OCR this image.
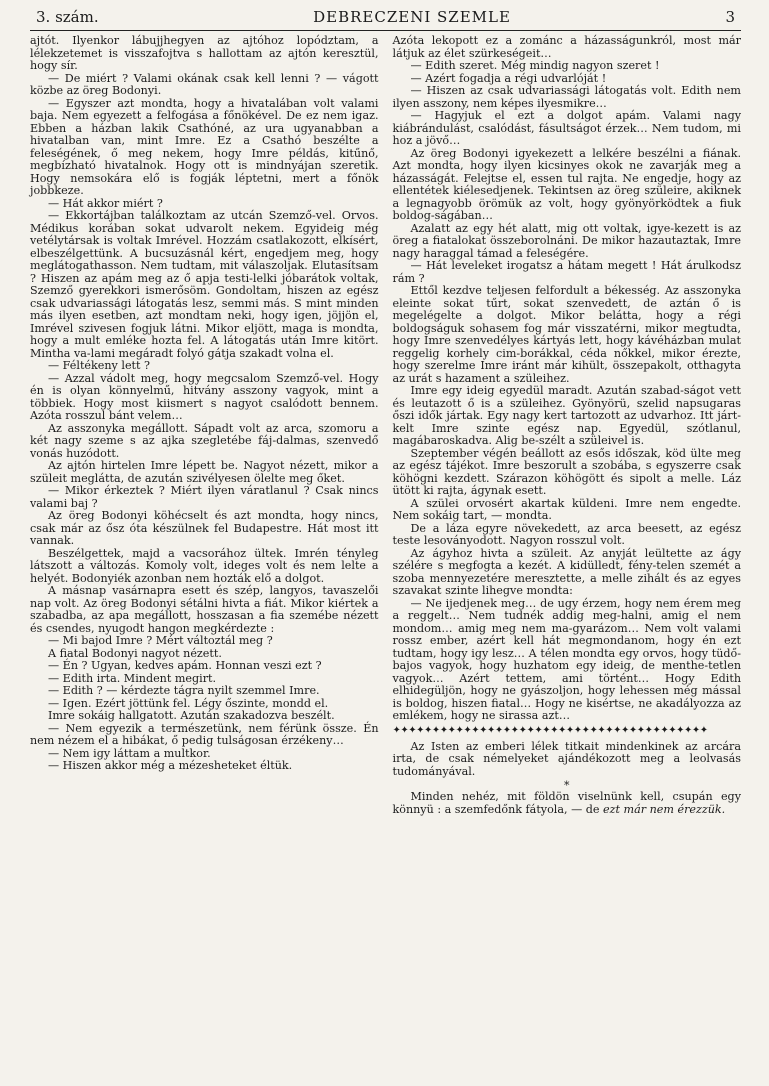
3. szám.	DEBRECZENI SZEMLE	3

ajtót. Ilyenkor lábujjhegyen az ajtóhoz lopództam, a lélekzetemet is visszafojtva s hallottam az ajtón keresztül, hogy sír.

— De miért ? Valami okának csak kell lenni ? — vágott közbe az öreg Bodonyi.

— Egyszer azt mondta, hogy a hivatalában volt valami baja. Nem egyezett a felfogása a főnökével. De ez nem igaz. Ebben a házban lakik Csathóné, az ura ugyanabban a hivatalban van, mint Imre. Ez a Csathó beszélte a feleségének, ő meg nekem, hogy Imre példás, kitűnő, megbízható hivatalnok. Hogy ott is mindnyájan szeretik. Hogy nemsokára elő is fogják léptetni, mert a főnök jobbkeze.

— Hát akkor miért ?

— Ekkortájban találkoztam az utcán Szemző-vel. Orvos. Médikus korában sokat udvarolt nekem. Egyideig még vetélytársak is voltak Imrével. Hozzám csatlakozott, elkísért, elbeszélgettünk. A bucsuzásnál kért, engedjem meg, hogy meglátogathasson. Nem tudtam, mit válaszoljak. Elutasítsam ? Hiszen az apám meg az ő apja testi-lelki jóbarátok voltak, Szemző gyerekkori ismerősöm. Gondoltam, hiszen az egész csak udvariassági látogatás lesz, semmi más. S mint minden más ilyen esetben, azt mondtam neki, hogy igen, jöjjön el, Imrével szivesen fogjuk látni. Mikor eljött, maga is mondta, hogy a mult emléke hozta fel. A látogatás után Imre kitört. Mintha va-lami megáradt folyó gátja szakadt volna el.

— Féltékeny lett ?

— Azzal vádolt meg, hogy megcsalom Szemző-vel. Hogy én is olyan könnyelmű, hitvány asszony vagyok, mint a többiek. Hogy most kiismert s nagyot csalódott bennem. Azóta rosszul bánt velem…

Az asszonyka megállott. Sápadt volt az arca, szomoru a két nagy szeme s az ajka szegletébe fáj-dalmas, szenvedő vonás huzódott.

Az ajtón hirtelen Imre lépett be. Nagyot nézett, mikor a szüleit meglátta, de azután szivélyesen ölelte meg őket.

— Mikor érkeztek ? Miért ilyen váratlanul ? Csak nincs valami baj ?

Az öreg Bodonyi köhécselt és azt mondta, hogy nincs, csak már az ősz óta készülnek fel Budapestre. Hát most itt vannak.

Beszélgettek, majd a vacsorához ültek. Imrén tényleg látszott a változás. Komoly volt, ideges volt és nem lelte a helyét. Bodonyiék azonban nem hozták elő a dolgot.

A másnap vasárnapra esett és szép, langyos, tavaszelői nap volt. Az öreg Bodonyi sétálni hivta a fiát. Mikor kiértek a szabadba, az apa megállott, hosszasan a fia szemébe nézett és csendes, nyugodt hangon megkérdezte :

— Mi bajod Imre ? Mért változtál meg ?

A fiatal Bodonyi nagyot nézett.

— Én ? Ugyan, kedves apám. Honnan veszi ezt ?

— Edith irta. Mindent megirt.

— Edith ? — kérdezte tágra nyilt szemmel Imre.

— Igen. Ezért jöttünk fel. Légy őszinte, mondd el.

Imre sokáig hallgatott. Azután szakadozva beszélt.

— Nem egyezik a természetünk, nem férünk össze. Én nem nézem el a hibákat, ő pedig tulságosan érzékeny…

— Nem igy láttam a multkor.

— Hiszen akkor még a mézesheteket éltük.

Azóta lekopott ez a zománc a házasságunkról, most már látjuk az élet szürkeségeit…

— Edith szeret. Még mindig nagyon szeret !

— Azért fogadja a régi udvarlóját !

— Hiszen az csak udvariassági látogatás volt. Edith nem ilyen asszony, nem képes ilyesmikre…

— Hagyjuk el ezt a dolgot apám. Valami nagy kiábrándulást, csalódást, fásultságot érzek… Nem tudom, mi hoz a jövő…

Az öreg Bodonyi igyekezett a lelkére beszélni a fiának. Azt mondta, hogy ilyen kicsinyes okok ne zavarják meg a házasságát. Felejtse el, essen tul rajta. Ne engedje, hogy az ellentétek kiélesedjenek. Tekintsen az öreg szüleire, akiknek a legnagyobb örömük az volt, hogy gyönyörködtek a fiuk boldog-ságában…

Azalatt az egy hét alatt, mig ott voltak, igye-kezett is az öreg a fiatalokat összeborolnáni. De mikor hazautaztak, Imre nagy haraggal támad a feleségére.

— Hát leveleket irogatsz a hátam megett ! Hát árulkodsz rám ?

Ettől kezdve teljesen felfordult a békesség. Az asszonyka eleinte sokat tűrt, sokat szenvedett, de aztán ő is megelégelte a dolgot. Mikor belátta, hogy a régi boldogságuk sohasem fog már visszatérni, mikor megtudta, hogy Imre szenvedélyes kártyás lett, hogy kávéházban mulat reggelig korhely cim-borákkal, céda nőkkel, mikor érezte, hogy szerelme Imre iránt már kihült, összepakolt, otthagyta az urát s hazament a szüleihez.

Imre egy ideig egyedül maradt. Azután szabad-ságot vett és leutazott ő is a szüleihez. Gyönyörü, szelid napsugaras őszi idők jártak. Egy nagy kert tartozott az udvarhoz. Itt járt-kelt Imre szinte egész nap. Egyedül, szótlanul, magábaroskadva. Alig be-szélt a szüleivel is.

Szeptember végén beállott az esős időszak, köd ülte meg az egész tájékot. Imre beszorult a szobába, s egyszerre csak köhögni kezdett. Szárazon köhögött és sipolt a melle. Láz ütött ki rajta, ágynak esett.

A szülei orvosért akartak küldeni. Imre nem engedte. Nem sokáig tart, — mondta.

De a láza egyre növekedett, az arca beesett, az egész teste lesoványodott. Nagyon rosszul volt.

Az ágyhoz hivta a szüleit. Az anyját leültette az ágy szélére s megfogta a kezét. A kidülledt, fény-telen szemét a szoba mennyezetére meresztette, a melle zihált és az egyes szavakat szinte lihegve mondta:

— Ne ijedjenek meg… de ugy érzem, hogy nem érem meg a reggelt… Nem tudnék addig meg-halni, amig el nem mondom… amig meg nem ma-gyarázom… Nem volt valami rossz ember, azért kell hát megmondanom, hogy én ezt tudtam, hogy igy lesz… A télen mondta egy orvos, hogy tüdő-bajos vagyok, hogy huzhatom egy ideig, de menthe-tetlen vagyok… Azért tettem, ami történt… Hogy Edith elhidegüljön, hogy ne gyászoljon, hogy lehessen még mással is boldog, hiszen fiatal… Hogy ne kisértse, ne akadályozza az emlékem, hogy ne sirassa azt…

✦✦✦✦✦✦✦✦✦✦✦✦✦✦✦✦✦✦✦✦✦✦✦✦✦✦✦✦✦✦✦✦✦✦✦✦✦✦✦✦

Az Isten az emberi lélek titkait mindenkinek az arcára irta, de csak némelyeket ajándékozott meg a leolvasás tudományával.

*

Minden nehéz, mit földön viselnünk kell, csupán egy könnyü : a szemfedőnk fátyola, — de ezt már nem érezzük.
